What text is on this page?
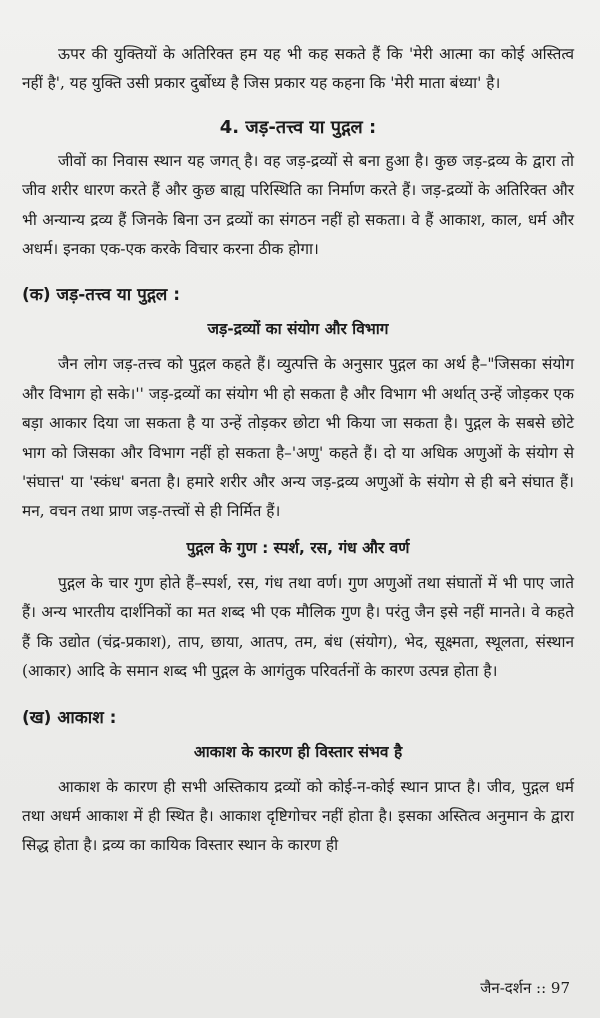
ऊपर की युक्तियों के अतिरिक्त हम यह भी कह सकते हैं कि 'मेरी आत्मा का कोई अस्तित्व नहीं है', यह युक्ति उसी प्रकार दुर्बोध्य है जिस प्रकार यह कहना कि 'मेरी माता बंध्या' है।

4. जड़-तत्त्व या पुद्गल :

जीवों का निवास स्थान यह जगत् है। वह जड़-द्रव्यों से बना हुआ है। कुछ जड़-द्रव्य के द्वारा तो जीव शरीर धारण करते हैं और कुछ बाह्य परिस्थिति का निर्माण करते हैं। जड़-द्रव्यों के अतिरिक्त और भी अन्यान्य द्रव्य हैं जिनके बिना उन द्रव्यों का संगठन नहीं हो सकता। वे हैं आकाश, काल, धर्म और अधर्म। इनका एक-एक करके विचार करना ठीक होगा।

(क) जड़-तत्त्व या पुद्गल :
जड़-द्रव्यों का संयोग और विभाग

जैन लोग जड़-तत्त्व को पुद्गल कहते हैं। व्युत्पत्ति के अनुसार पुद्गल का अर्थ है–"जिसका संयोग और विभाग हो सके।'' जड़-द्रव्यों का संयोग भी हो सकता है और विभाग भी अर्थात् उन्हें जोड़कर एक बड़ा आकार दिया जा सकता है या उन्हें तोड़कर छोटा भी किया जा सकता है। पुद्गल के सबसे छोटे भाग को जिसका और विभाग नहीं हो सकता है–'अणु' कहते हैं। दो या अधिक अणुओं के संयोग से 'संघात्त' या 'स्कंध' बनता है। हमारे शरीर और अन्य जड़-द्रव्य अणुओं के संयोग से ही बने संघात हैं। मन, वचन तथा प्राण जड़-तत्त्वों से ही निर्मित हैं।

पुद्गल के गुण : स्पर्श, रस, गंध और वर्ण

पुद्गल के चार गुण होते हैं–स्पर्श, रस, गंध तथा वर्ण। गुण अणुओं तथा संघातों में भी पाए जाते हैं। अन्य भारतीय दार्शनिकों का मत शब्द भी एक मौलिक गुण है। परंतु जैन इसे नहीं मानते। वे कहते हैं कि उद्योत (चंद्र-प्रकाश), ताप, छाया, आतप, तम, बंध (संयोग), भेद, सूक्ष्मता, स्थूलता, संस्थान (आकार) आदि के समान शब्द भी पुद्गल के आगंतुक परिवर्तनों के कारण उत्पन्न होता है।

(ख) आकाश :
आकाश के कारण ही विस्तार संभव है

आकाश के कारण ही सभी अस्तिकाय द्रव्यों को कोई-न-कोई स्थान प्राप्त है। जीव, पुद्गल धर्म तथा अधर्म आकाश में ही स्थित है। आकाश दृष्टिगोचर नहीं होता है। इसका अस्तित्व अनुमान के द्वारा सिद्ध होता है। द्रव्य का कायिक विस्तार स्थान के कारण ही

जैन-दर्शन :: 97
